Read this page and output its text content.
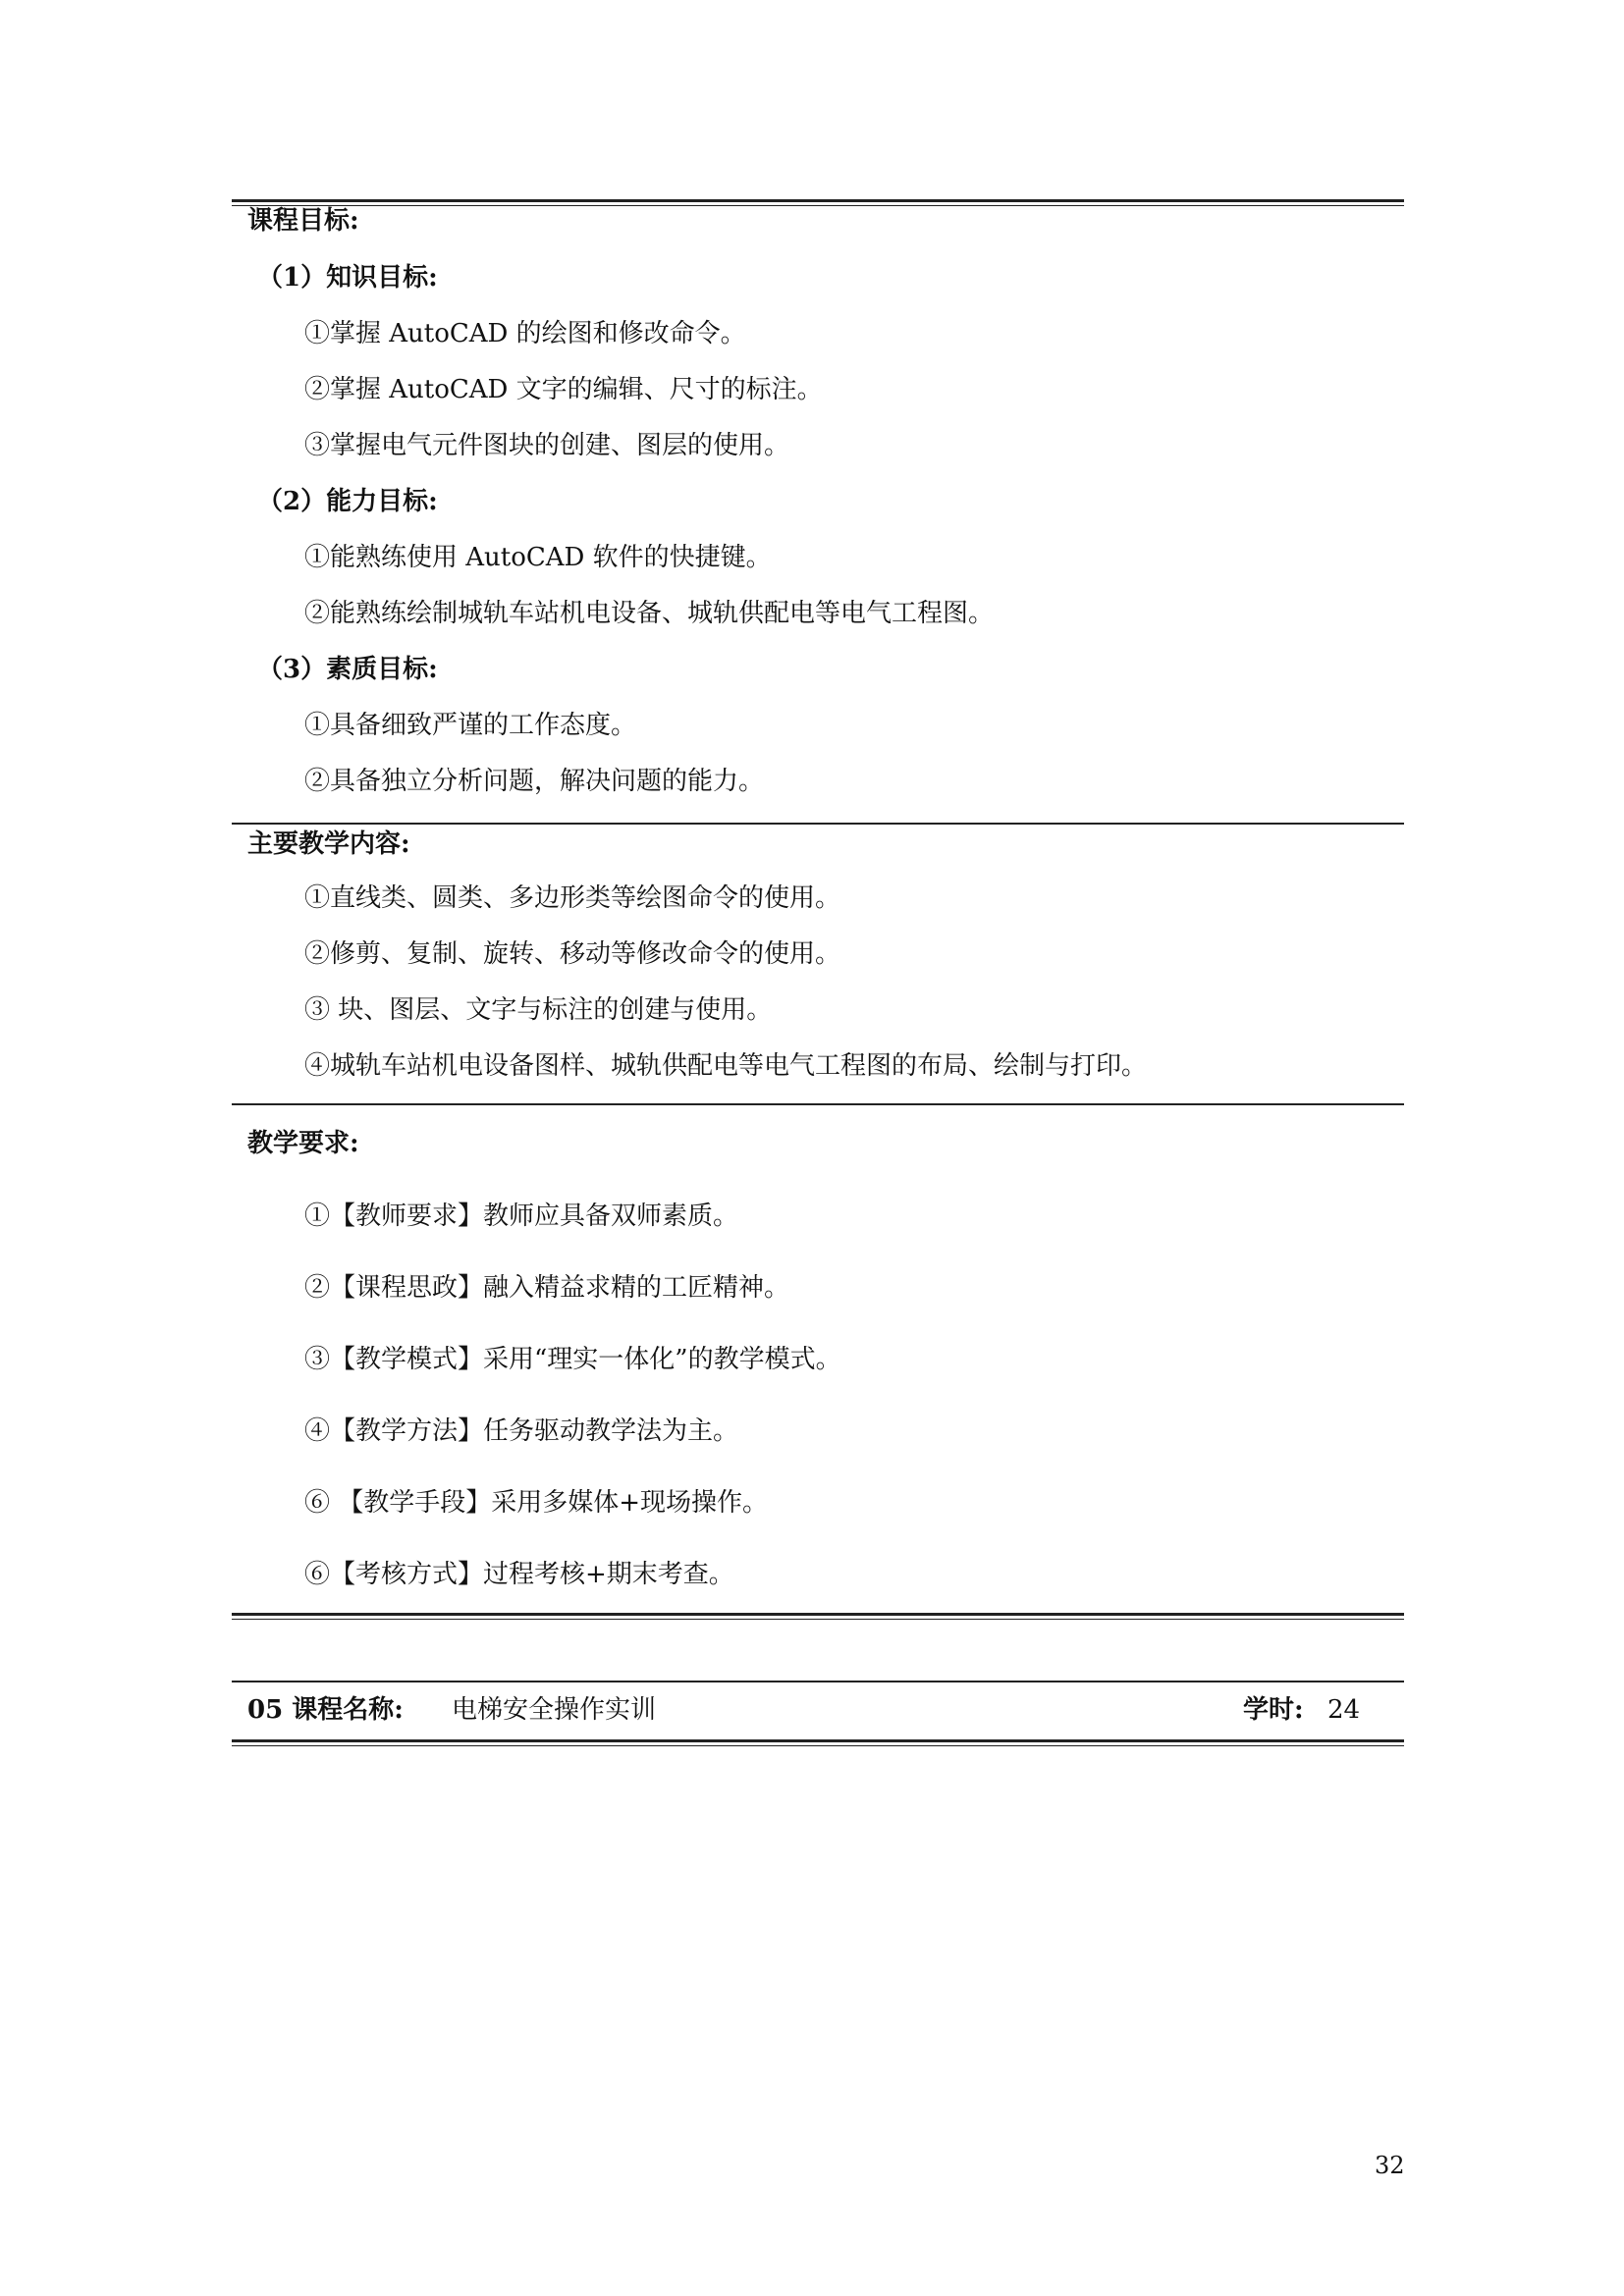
课程目标:
（1）知识目标:
①掌握 AutoCAD 的绘图和修改命令。
②掌握 AutoCAD 文字的编辑、尺寸的标注。
③掌握电气元件图块的创建、图层的使用。
（2）能力目标:
①能熟练使用 AutoCAD 软件的快捷键。
②能熟练绘制城轨车站机电设备、城轨供配电等电气工程图。
（3）素质目标:
①具备细致严谨的工作态度。
②具备独立分析问题，解决问题的能力。
主要教学内容:
①直线类、圆类、多边形类等绘图命令的使用。
②修剪、复制、旋转、移动等修改命令的使用。
③ 块、图层、文字与标注的创建与使用。
④城轨车站机电设备图样、城轨供配电等电气工程图的布局、绘制与打印。
教学要求:
①【教师要求】教师应具备双师素质。
②【课程思政】融入精益求精的工匠精神。
③【教学模式】采用“理实一体化”的教学模式。
④【教学方法】任务驱动教学法为主。
⑥ 【教学手段】采用多媒体+现场操作。
⑥【考核方式】过程考核+期末考查。
05 课程名称: 电梯安全操作实训	学时: 24
32
